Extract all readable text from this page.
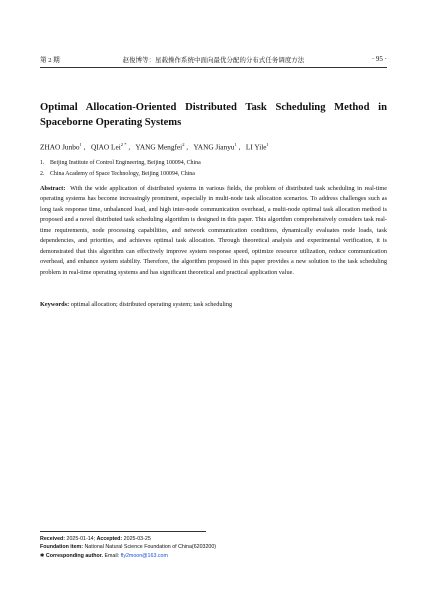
第 2 期	赵俊博等：星载操作系统中面向最优分配的分布式任务调度方法	· 95 ·
Optimal Allocation-Oriented Distributed Task Scheduling Method in Spaceborne Operating Systems
ZHAO Junbo$^1$ ,   QIAO Lei$^{2 *}$ ,   YANG Mengfei$^2$ ,   YANG Jianyu$^1$ ,   LI Yile$^1$
1. Beijing Institute of Control Engineering, Beijing 100094, China
2. China Academy of Space Technology, Beijing 100094, China
Abstract: With the wide application of distributed systems in various fields, the problem of distributed task scheduling in real-time operating systems has become increasingly prominent, especially in multi-node task allocation scenarios. To address challenges such as long task response time, unbalanced load, and high inter-node communication overhead, a multi-node optimal task allocation method is proposed and a novel distributed task scheduling algorithm is designed in this paper. This algorithm comprehensively considers task real-time requirements, node processing capabilities, and network communication conditions, dynamically evaluates node loads, task dependencies, and priorities, and achieves optimal task allocation. Through theoretical analysis and experimental verification, it is demonstrated that this algorithm can effectively improve system response speed, optimize resource utilization, reduce communication overhead, and enhance system stability. Therefore, the algorithm proposed in this paper provides a new solution to the task scheduling problem in real-time operating systems and has significant theoretical and practical application value.
Keywords: optimal allocation; distributed operating system; task scheduling
Received: 2025-01-14; Accepted: 2025-03-25
Foundation item: National Natural Science Foundation of China(6203200)
✱ Corresponding author. Email: fly2moon@163.com
